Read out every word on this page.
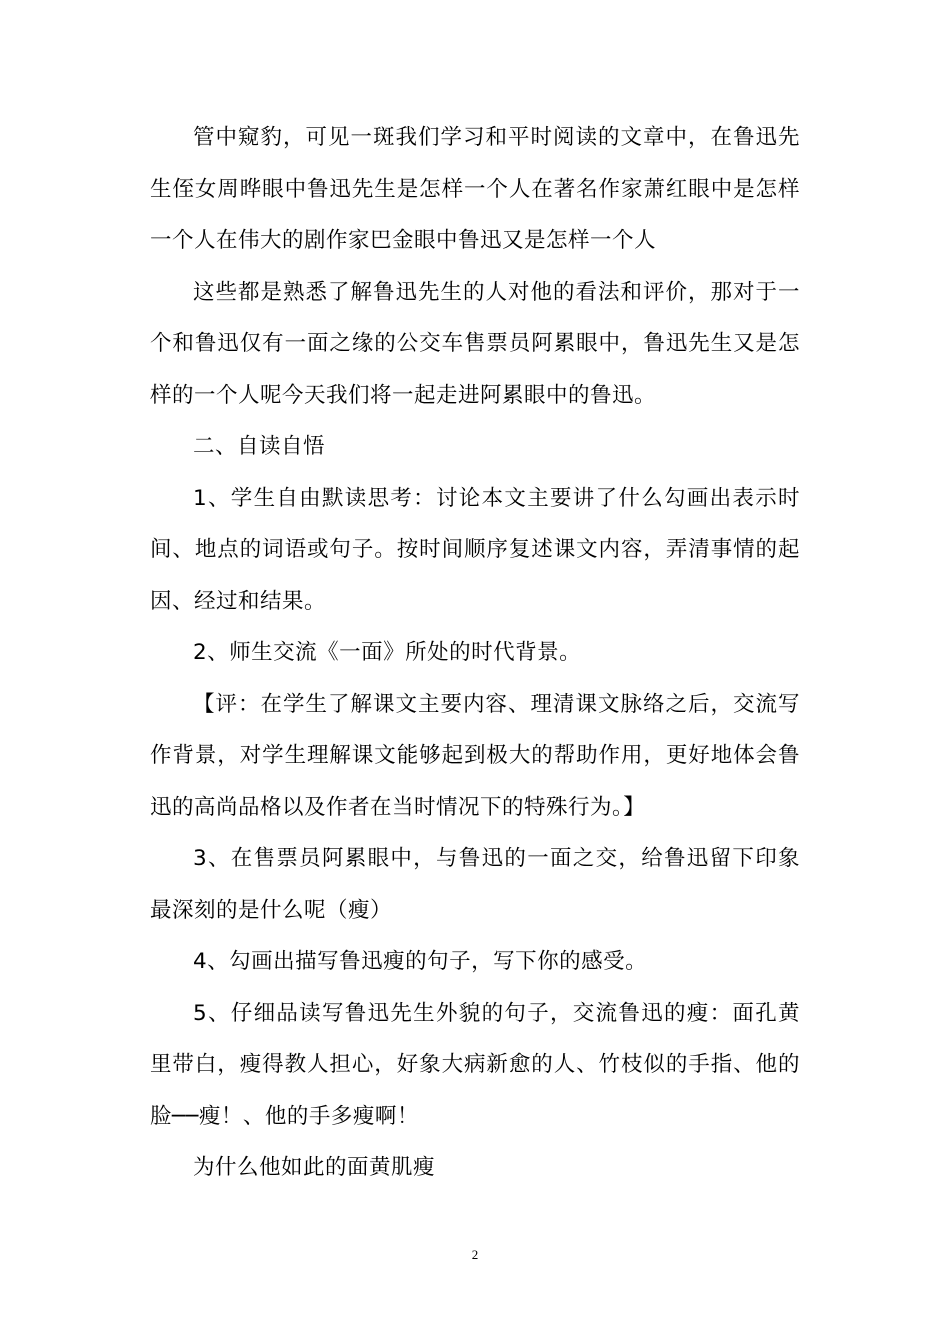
管中窥豹，可见一斑我们学习和平时阅读的文章中，在鲁迅先生侄女周晔眼中鲁迅先生是怎样一个人在著名作家萧红眼中是怎样一个人在伟大的剧作家巴金眼中鲁迅又是怎样一个人

这些都是熟悉了解鲁迅先生的人对他的看法和评价，那对于一个和鲁迅仅有一面之缘的公交车售票员阿累眼中，鲁迅先生又是怎样的一个人呢今天我们将一起走进阿累眼中的鲁迅。

二、自读自悟

1、学生自由默读思考：讨论本文主要讲了什么勾画出表示时间、地点的词语或句子。按时间顺序复述课文内容，弄清事情的起因、经过和结果。

2、师生交流《一面》所处的时代背景。

【评：在学生了解课文主要内容、理清课文脉络之后，交流写作背景，对学生理解课文能够起到极大的帮助作用，更好地体会鲁迅的高尚品格以及作者在当时情况下的特殊行为。】

3、在售票员阿累眼中，与鲁迅的一面之交，给鲁迅留下印象最深刻的是什么呢（瘦）

4、勾画出描写鲁迅瘦的句子，写下你的感受。

5、仔细品读写鲁迅先生外貌的句子，交流鲁迅的瘦：面孔黄里带白，瘦得教人担心，好象大病新愈的人、竹枝似的手指、他的脸──瘦！、他的手多瘦啊！

为什么他如此的面黄肌瘦

2
